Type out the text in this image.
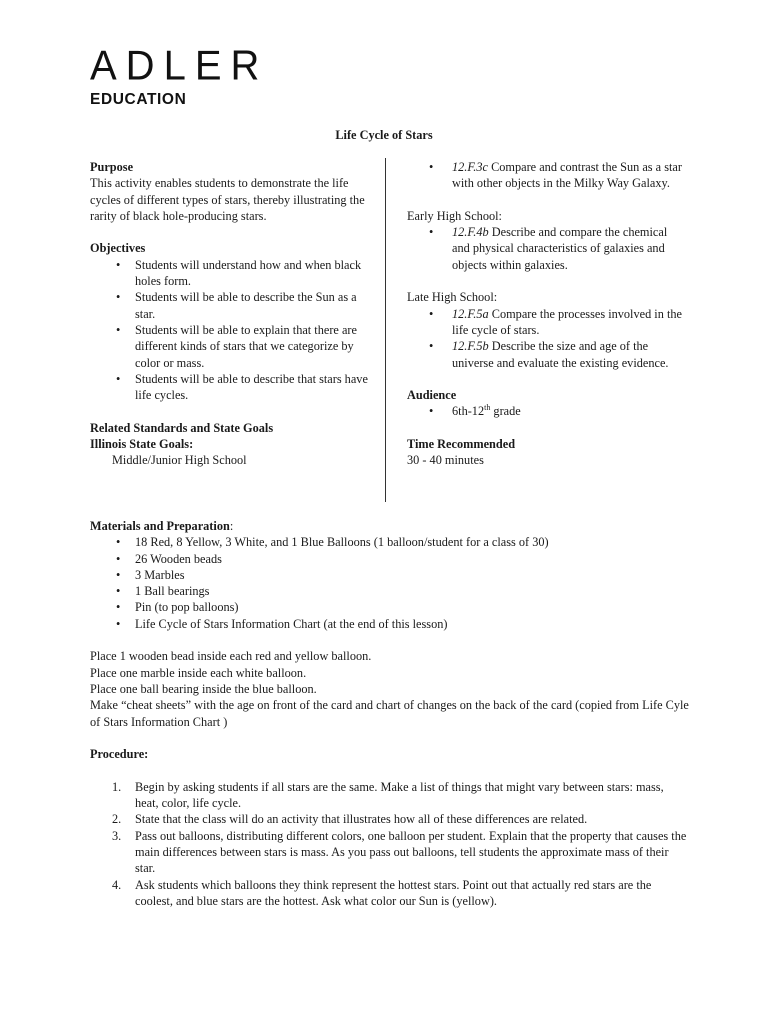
ADLER
EDUCATION
Life Cycle of Stars

Purpose

This activity enables students to demonstrate the life cycles of different types of stars, thereby illustrating the rarity of black hole-producing stars.

Objectives

• Students will understand how and when black holes form.
• Students will be able to describe the Sun as a star.
• Students will be able to explain that there are different kinds of stars that we categorize by color or mass.
• Students will be able to describe that stars have life cycles.

Related Standards and State Goals

Illinois State Goals:

Middle/Junior High School

• 12.F.3c Compare and contrast the Sun as a star with other objects in the Milky Way Galaxy.

Early High School:

• 12.F.4b Describe and compare the chemical and physical characteristics of galaxies and objects within galaxies.

Late High School:

• 12.F.5a Compare the processes involved in the life cycle of stars.
• 12.F.5b Describe the size and age of the universe and evaluate the existing evidence.

Audience

• 6th-12th grade

Time Recommended

30 - 40 minutes

Materials and Preparation:

• 18 Red, 8 Yellow, 3 White, and 1 Blue Balloons (1 balloon/student for a class of 30)
• 26 Wooden beads
• 3 Marbles
• 1 Ball bearings
• Pin (to pop balloons)
• Life Cycle of Stars Information Chart (at the end of this lesson)

Place 1 wooden bead inside each red and yellow balloon.

Place one marble inside each white balloon.

Place one ball bearing inside the blue balloon.

Make “cheat sheets” with the age on front of the card and chart of changes on the back of the card (copied from Life Cyle of Stars Information Chart )

Procedure:

1. Begin by asking students if all stars are the same. Make a list of things that might vary between stars: mass, heat, color, life cycle.
2. State that the class will do an activity that illustrates how all of these differences are related.
3. Pass out balloons, distributing different colors, one balloon per student. Explain that the property that causes the main differences between stars is mass. As you pass out balloons, tell students the approximate mass of their star.
4. Ask students which balloons they think represent the hottest stars. Point out that actually red stars are the coolest, and blue stars are the hottest. Ask what color our Sun is (yellow).
